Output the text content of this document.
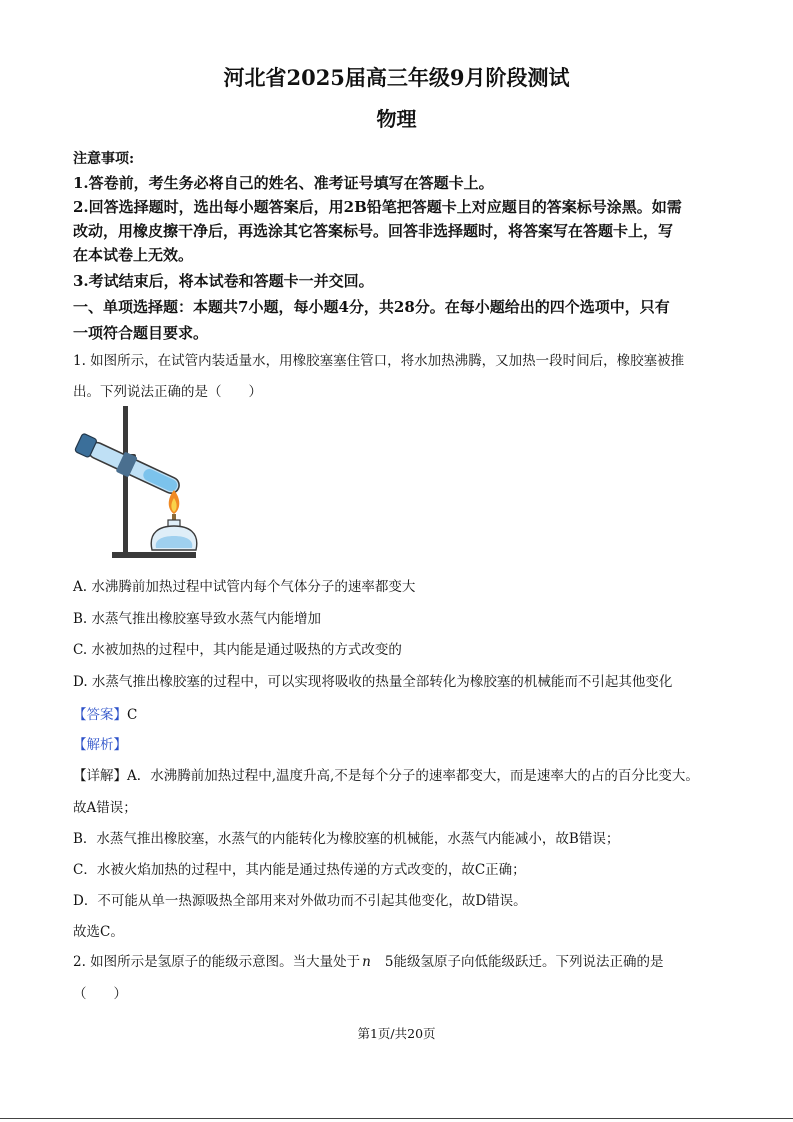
河北省2025届高三年级9月阶段测试
物理
注意事项:
1.答卷前，考生务必将自己的姓名、准考证号填写在答题卡上。
2.回答选择题时，选出每小题答案后，用2B铅笔把答题卡上对应题目的答案标号涂黑。如需
改动，用橡皮擦干净后，再选涂其它答案标号。回答非选择题时，将答案写在答题卡上，写
在本试卷上无效。
3.考试结束后，将本试卷和答题卡一并交回。
一、单项选择题：本题共7小题，每小题4分，共28分。在每小题给出的四个选项中，只有
一项符合题目要求。
1. 如图所示，在试管内装适量水，用橡胶塞塞住管口，将水加热沸腾，又加热一段时间后，橡胶塞被推
出。下列说法正确的是（　　）
A. 水沸腾前加热过程中试管内每个气体分子的速率都变大
B. 水蒸气推出橡胶塞导致水蒸气内能增加
C. 水被加热的过程中，其内能是通过吸热的方式改变的
D. 水蒸气推出橡胶塞的过程中，可以实现将吸收的热量全部转化为橡胶塞的机械能而不引起其他变化
【答案】C
【解析】
【详解】A．水沸腾前加热过程中,温度升高,不是每个分子的速率都变大，而是速率大的占的百分比变大。
故A错误；
B．水蒸气推出橡胶塞，水蒸气的内能转化为橡胶塞的机械能，水蒸气内能减小，故B错误；
C．水被火焰加热的过程中，其内能是通过热传递的方式改变的，故C正确；
D．不可能从单一热源吸热全部用来对外做功而不引起其他变化，故D错误。
故选C。
2. 如图所示是氢原子的能级示意图。当大量处于 n 5能级氢原子向低能级跃迁。下列说法正确的是
（　　）
第1页/共20页
